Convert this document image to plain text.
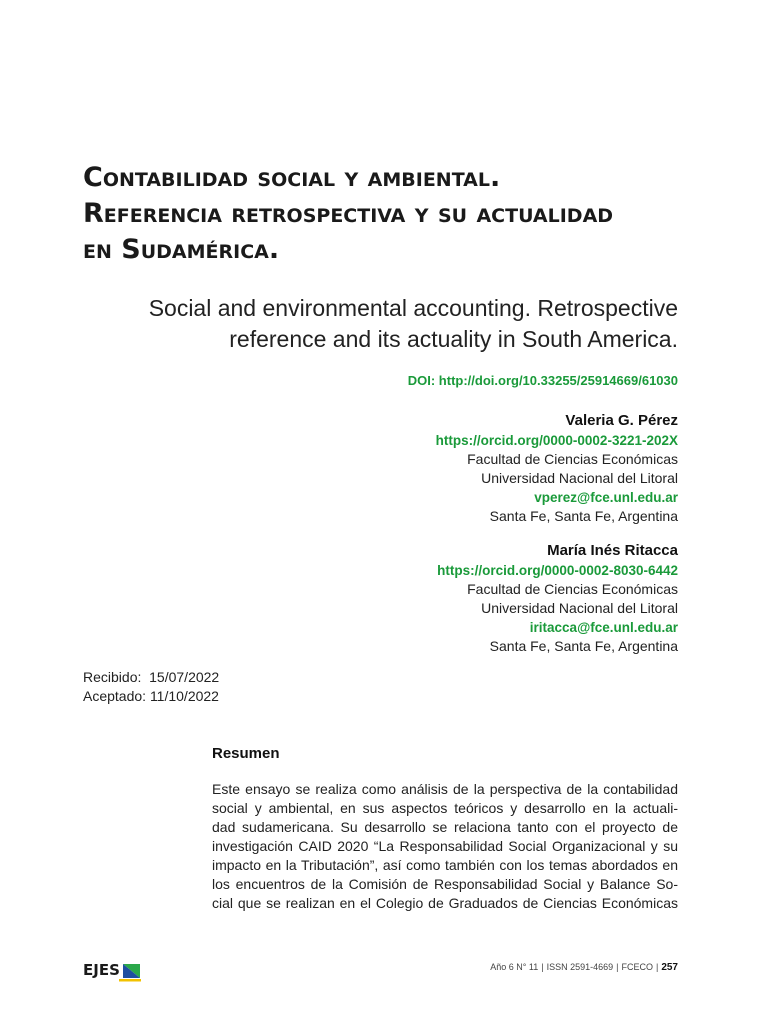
Contabilidad social y ambiental.
Referencia retrospectiva y su actualidad
en Sudamérica.
Social and environmental accounting. Retrospective
reference and its actuality in South America.
DOI: http://doi.org/10.33255/25914669/61030
Valeria G. Pérez
https://orcid.org/0000-0002-3221-202X
Facultad de Ciencias Económicas
Universidad Nacional del Litoral
vperez@fce.unl.edu.ar
Santa Fe, Santa Fe, Argentina
María Inés Ritacca
https://orcid.org/0000-0002-8030-6442
Facultad de Ciencias Económicas
Universidad Nacional del Litoral
iritacca@fce.unl.edu.ar
Santa Fe, Santa Fe, Argentina
Recibido:  15/07/2022
Aceptado: 11/10/2022
Resumen
Este ensayo se realiza como análisis de la perspectiva de la contabilidad
social y ambiental, en sus aspectos teóricos y desarrollo en la actuali-
dad sudamericana. Su desarrollo se relaciona tanto con el proyecto de
investigación CAID 2020 “La Responsabilidad Social Organizacional y su
impacto en la Tributación”, así como también con los temas abordados en
los encuentros de la Comisión de Responsabilidad Social y Balance So-
cial que se realizan en el Colegio de Graduados de Ciencias Económicas
EJES	Año 6 N° 11 | ISSN 2591-4669 | FCECO | 257
